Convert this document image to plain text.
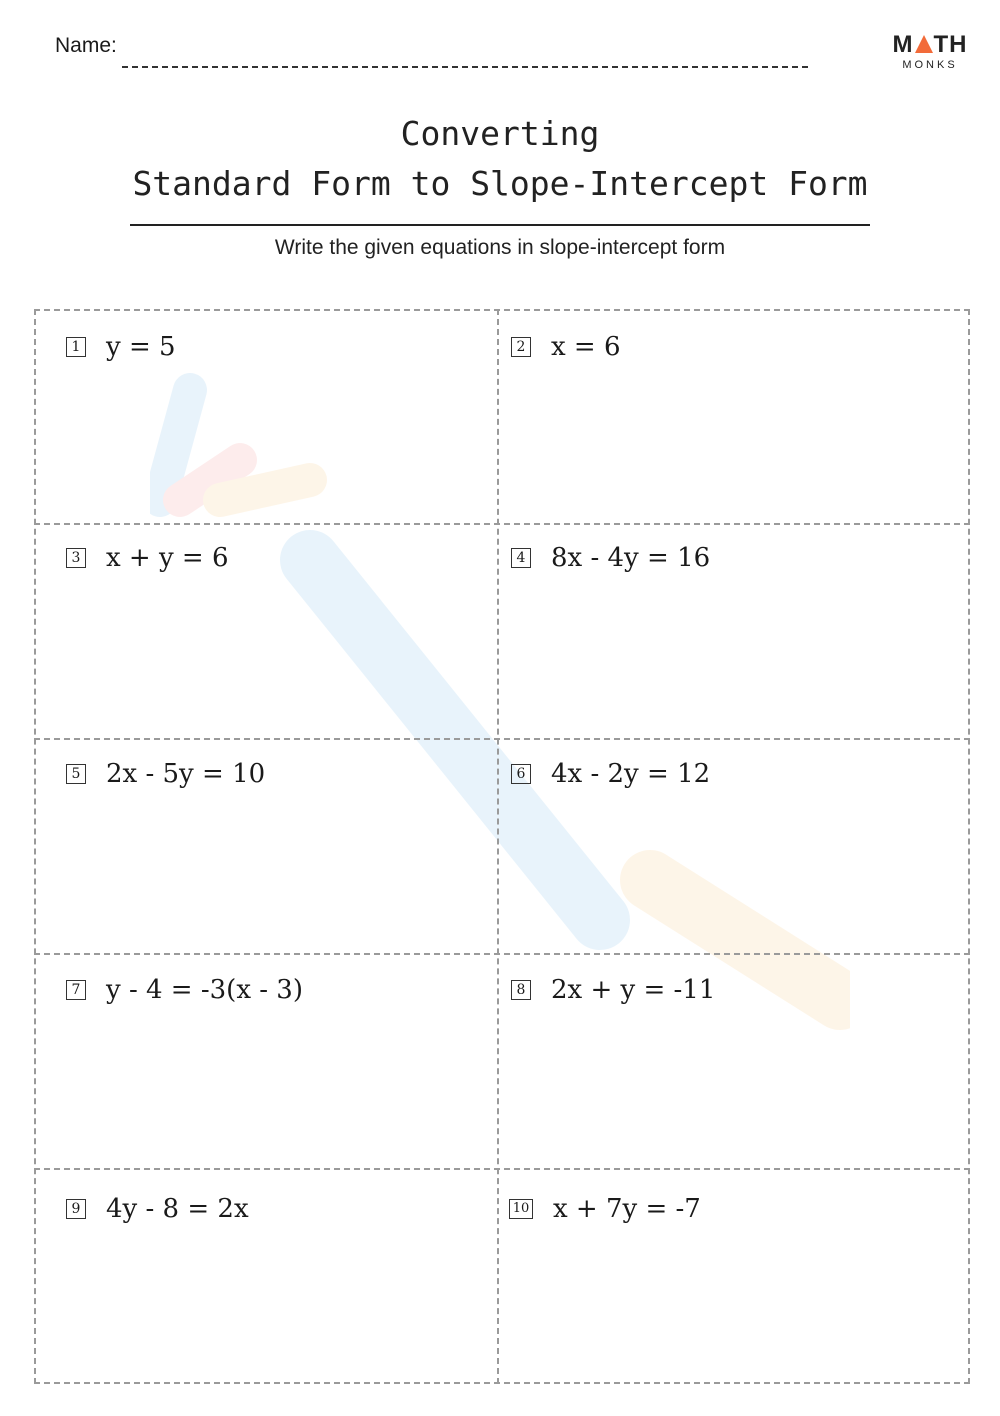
Name:	M TH
MONKS
Converting
Standard Form to Slope-Intercept Form
Write the given equations in slope-intercept form
1 y = 5	2 x = 6
3 x + y = 6	4 8x - 4y = 16
5 2x - 5y = 10	6 4x - 2y = 12
7 y - 4 = -3(x - 3)	8 2x + y = -11
9 4y - 8 = 2x	10 x + 7y = -7
